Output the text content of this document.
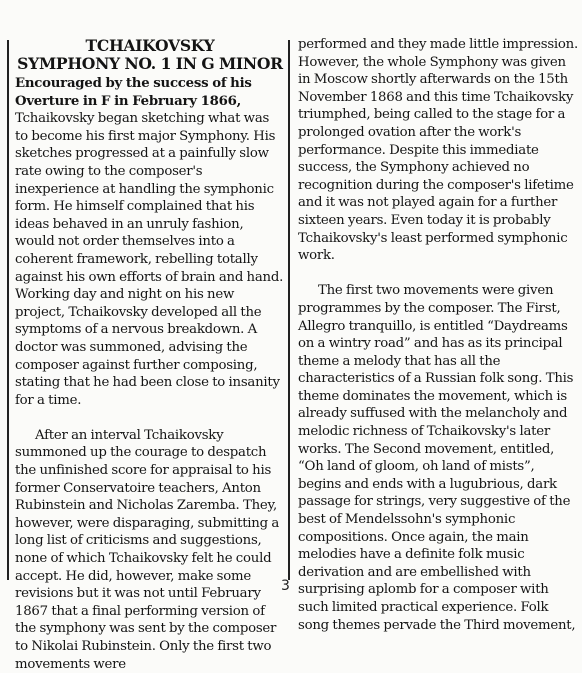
TCHAIKOVSKY
SYMPHONY NO. 1 IN G MINOR

Encouraged by the success of his Overture in F in February 1866, Tchaikovsky began sketching what was to become his first major Symphony. His sketches progressed at a painfully slow rate owing to the composer's inexperience at handling the symphonic form. He himself complained that his ideas behaved in an unruly fashion, would not order themselves into a coherent framework, rebelling totally against his own efforts of brain and hand. Working day and night on his new project, Tchaikovsky developed all the symptoms of a nervous breakdown. A doctor was summoned, advising the composer against further composing, stating that he had been close to insanity for a time.

After an interval Tchaikovsky summoned up the courage to despatch the unfinished score for appraisal to his former Conservatoire teachers, Anton Rubinstein and Nicholas Zaremba. They, however, were disparaging, submitting a long list of criticisms and suggestions, none of which Tchaikovsky felt he could accept. He did, however, make some revisions but it was not until February 1867 that a final performing version of the symphony was sent by the composer to Nikolai Rubinstein. Only the first two movements were

performed and they made little impression. However, the whole Symphony was given in Moscow shortly afterwards on the 15th November 1868 and this time Tchaikovsky triumphed, being called to the stage for a prolonged ovation after the work's performance. Despite this immediate success, the Symphony achieved no recognition during the composer's lifetime and it was not played again for a further sixteen years. Even today it is probably Tchaikovsky's least performed symphonic work.

The first two movements were given programmes by the composer. The First, Allegro tranquillo, is entitled “Daydreams on a wintry road” and has as its principal theme a melody that has all the characteristics of a Russian folk song. This theme dominates the movement, which is already suffused with the melancholy and melodic richness of Tchaikovsky's later works. The Second movement, entitled, “Oh land of gloom, oh land of mists”, begins and ends with a lugubrious, dark passage for strings, very suggestive of the best of Mendelssohn's symphonic compositions. Once again, the main melodies have a definite folk music derivation and are embellished with surprising aplomb for a composer with such limited practical experience. Folk song themes pervade the Third movement,

3
